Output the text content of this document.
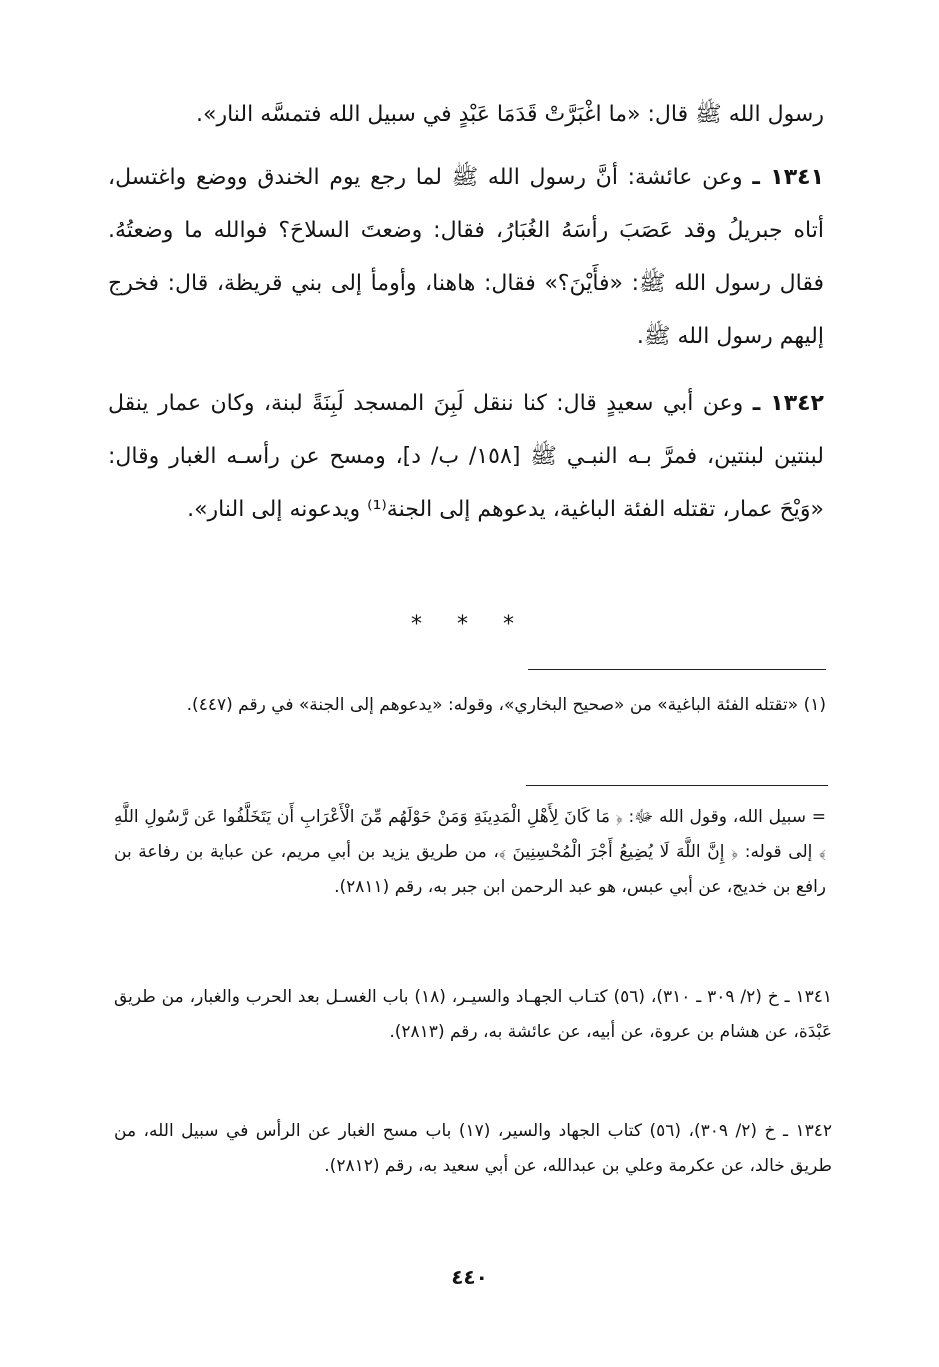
رسول الله ﷺ قال: «ما اغْبَرَّتْ قَدَمَا عَبْدٍ في سبيل الله فتمسَّه النار».

١٣٤١ ـ وعن عائشة: أنَّ رسول الله ﷺ لما رجع يوم الخندق ووضع واغتسل، أتاه جبريلُ وقد عَصَبَ رأسَهُ الغُبَارُ، فقال: وضعتَ السلاحَ؟ فوالله ما وضعتُهُ. فقال رسول الله ﷺ: «فأَيْنَ؟» فقال: هاهنا، وأومأ إلى بني قريظة، قال: فخرج إليهم رسول الله ﷺ.

١٣٤٢ ـ وعن أبي سعيدٍ قال: كنا ننقل لَبِنَ المسجد لَبِنَةً لبنة، وكان عمار ينقل لبنتين لبنتين، فمرَّ بـه النبـي ﷺ [١٥٨/ ب/ د]، ومسح عن رأسـه الغبار وقال: «وَيْحَ عمار، تقتله الفئة الباغية، يدعوهم إلى الجنة⁽¹⁾ ويدعونه إلى النار».

* * *

(١) «تقتله الفئة الباغية» من «صحيح البخاري»، وقوله: «يدعوهم إلى الجنة» في رقم (٤٤٧).

= سبيل الله، وقول الله ﷻ: ﴿ مَا كَانَ لِأَهْلِ الْمَدِينَةِ وَمَنْ حَوْلَهُم مِّنَ الْأَعْرَابِ أَن يَتَخَلَّفُوا عَن رَّسُولِ اللَّهِ ﴾ إلى قوله: ﴿ إِنَّ اللَّهَ لَا يُضِيعُ أَجْرَ الْمُحْسِنِينَ ﴾، من طريق يزيد بن أبي مريم، عن عباية بن رفاعة بن رافع بن خديج، عن أبي عبس، هو عبد الرحمن ابن جبر به، رقم (٢٨١١).

١٣٤١ ـ خ (٢/ ٣٠٩ ـ ٣١٠)، (٥٦) كتـاب الجهـاد والسيـر، (١٨) باب الغسـل بعد الحرب والغبار، من طريق عَبْدَة، عن هشام بن عروة، عن أبيه، عن عائشة به، رقم (٢٨١٣).

١٣٤٢ ـ خ (٢/ ٣٠٩)، (٥٦) كتاب الجهاد والسير، (١٧) باب مسح الغبار عن الرأس في سبيل الله، من طريق خالد، عن عكرمة وعلي بن عبدالله، عن أبي سعيد به، رقم (٢٨١٢).

٤٤٠
